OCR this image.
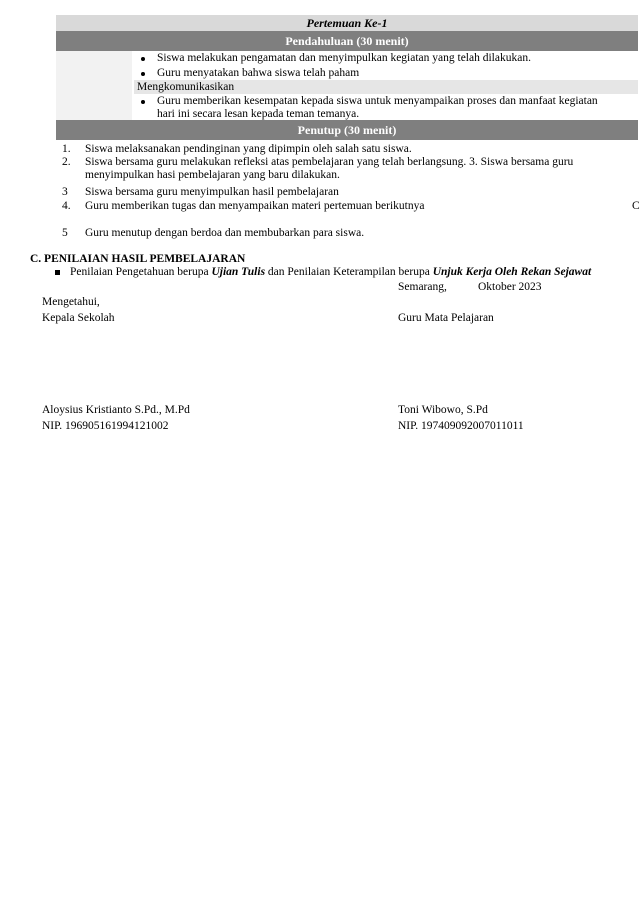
Pertemuan Ke-1
Pendahuluan (30 menit)
Siswa melakukan pengamatan dan menyimpulkan kegiatan yang telah dilakukan.
Guru menyatakan bahwa siswa telah paham
Mengkomunikasikan
Guru memberikan kesempatan kepada siswa untuk menyampaikan proses dan manfaat kegiatan
hari ini secara lesan kepada teman temanya.
Penutup (30 menit)
1. Siswa melaksanakan pendinginan yang dipimpin oleh salah satu siswa.
2. Siswa bersama guru melakukan refleksi atas pembelajaran yang telah berlangsung. 3. Siswa bersama guru
menyimpulkan hasi pembelajaran yang baru dilakukan.
3 Siswa bersama guru menyimpulkan hasil pembelajaran
4. Guru memberikan tugas dan menyampaikan materi pertemuan berikutnya	C
5 Guru menutup dengan berdoa dan membubarkan para siswa.
C. PENILAIAN HASIL PEMBELAJARAN
Penilaian Pengetahuan berupa Ujian Tulis dan Penilaian Keterampilan berupa Unjuk Kerja Oleh Rekan Sejawat
Semarang,	Oktober 2023
Mengetahui,
Kepala Sekolah	Guru Mata Pelajaran
Aloysius Kristianto S.Pd., M.Pd
NIP. 196905161994121002
Toni Wibowo, S.Pd
NIP. 197409092007011011
